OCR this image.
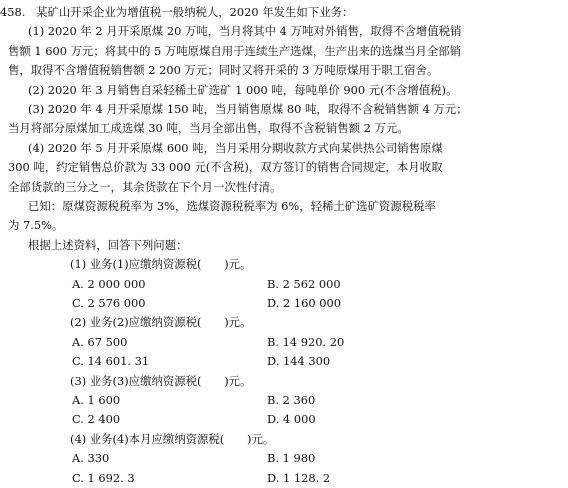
458. 某矿山开采企业为增值税一般纳税人，2020 年发生如下业务：
(1) 2020 年 2 月开采原煤 20 万吨，当月将其中 4 万吨对外销售，取得不含增值税销
售额 1 600 万元；将其中的 5 万吨原煤自用于连续生产选煤，生产出来的选煤当月全部销
售，取得不含增值税销售额 2 200 万元；同时又将开采的 3 万吨原煤用于职工宿舍。
(2) 2020 年 3 月销售自采轻稀土矿选矿 1 000 吨，每吨单价 900 元(不含增值税)。
(3) 2020 年 4 月开采原煤 150 吨，当月销售原煤 80 吨，取得不含税销售额 4 万元；
当月将部分原煤加工成选煤 30 吨，当月全部出售，取得不含税销售额 2 万元。
(4) 2020 年 5 月开采原煤 600 吨，当月采用分期收款方式向某供热公司销售原煤
300 吨，约定销售总价款为 33 000 元(不含税)，双方签订的销售合同规定，本月收取
全部货款的三分之一，其余货款在下个月一次性付清。
已知：原煤资源税税率为 3%，选煤资源税税率为 6%，轻稀土矿选矿资源税税率
为 7.5%。
根据上述资料，回答下列问题：
(1) 业务(1)应缴纳资源税(　　)元。
A. 2 000 000	B. 2 562 000
C. 2 576 000	D. 2 160 000
(2) 业务(2)应缴纳资源税(　　)元。
A. 67 500	B. 14 920. 20
C. 14 601. 31	D. 144 300
(3) 业务(3)应缴纳资源税(　　)元。
A. 1 600	B. 2 360
C. 2 400	D. 4 000
(4) 业务(4)本月应缴纳资源税(　　)元。
A. 330	B. 1 980
C. 1 692. 3	D. 1 128. 2
